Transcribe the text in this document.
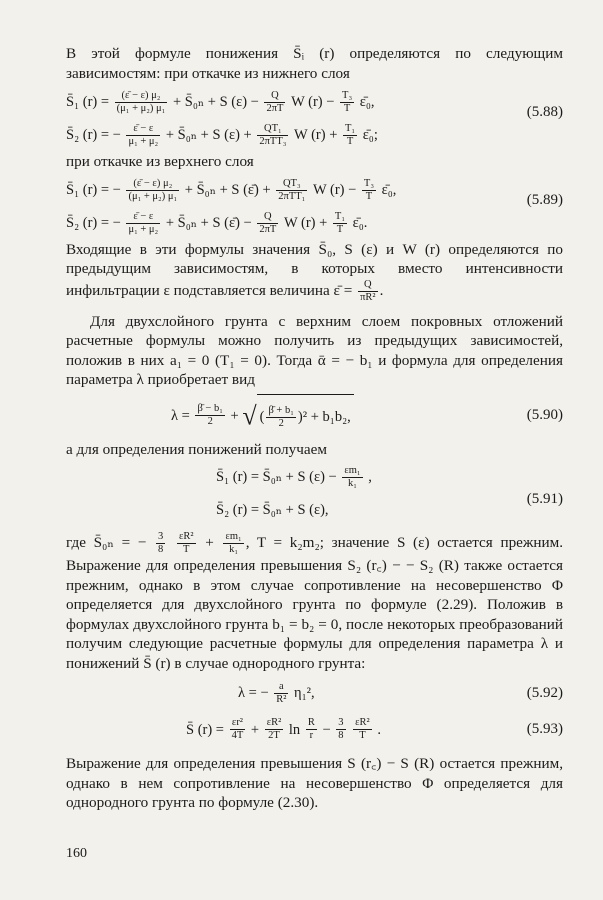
В этой формуле понижения S̄ᵢ (r) определяются по следующим зависимостям: при откачке из нижнего слоя

S̄₁ $(r) = \frac{\text{(ε̄ − ε) μ₂}}{\text{(μ₁ + μ₂) μ₁}}$ + S̄₀ₙ + S $(\varepsilon) - \frac{Q}{2\pi T}$ W $(r) - \frac{\text{T₃}}{T}$ ε̄₀,
(5.88)
S̄₂ (r) = − $\frac{\varepsilon̄ - \varepsilon}{\text{μ₁ + μ₂}}$ + S̄₀ₙ + S $(\varepsilon) + \frac{\text{QT₁}}{\text{2πTT₃}}$ W $(r) + \frac{\text{T₁}}{T}$ ε̄₀;

при откачке из верхнего слоя

S̄₁ (r) = − $\frac{\text{(ε̄ − ε) μ₂}}{\text{(μ₁ + μ₂) μ₁}}$ + S̄₀ₙ + S (ε̄) + $\frac{\text{QT₃}}{\text{2πTT₁}}$ W $(r) - \frac{\text{T₃}}{T}$ ε̄₀,
(5.89)
S̄₂ (r) = − $\frac{\varepsilon̄ - \varepsilon}{\text{μ₁ + μ₂}}$ + S̄₀ₙ + S (ε̄) − $\frac{Q}{2\pi T}$ W $(r) + \frac{\text{T₁}}{T}$ ε̄₀.

Входящие в эти формулы значения S̄₀, S (ε) и W (r) определяются по предыдущим зависимостям, в которых вместо интенсивности инфильтрации ε подставляется величина ε̄ = $\frac{Q}{\text{πR²}}$ .

Для двухслойного грунта с верхним слоем покровных отложений расчетные формулы можно получить из предыдущих зависимостей, положив в них a₁ = 0 (T₁ = 0). Тогда ᾱ = − b₁ и формула для определения параметра λ приобретает вид

$\lambda = \frac{\text{β̄ − b₁}}{2}$ + √ ( $\frac{\text{β̄ + b₁}}{2} )^2 + b_1b_2$,	(5.90)

а для определения понижений получаем

S̄₁ (r) = S̄₀ₙ + S $(\varepsilon) - \frac{\text{εm₁}}{\text{k₁}}$ ,
S̄₂ (r) = S̄₀ₙ + S (ε),
(5.91)

где S̄₀ₙ = − $\frac{3}{8}$
$\frac{\text{εR²}}{T} + \frac{\text{εm₁}}{\text{k₁}}$ , T = k₂m₂; значение S (ε) остается прежним. Выражение для определения превышения S₂ (r꜀) − − S₂ (R) также остается прежним, однако в этом случае сопротивление на несовершенство Φ определяется для двухслойного грунта по формуле (2.29). Положив в формулах двухслойного грунта b₁ = b₂ = 0, после некоторых преобразований получим следующие расчетные формулы для определения параметра λ и понижений S̄ (r) в случае однородного грунта:

λ = − $\frac{a}{\text{R²}} \eta_1^2$,	(5.92)
S̄ $(r) = \frac{\text{εr²}}{4T} + \frac{\text{εR²}}{2T}$ $\ln \frac{R}{r} - \frac{3}{8}$
$\frac{\text{εR²}}{T}$ .	(5.93)

Выражение для определения превышения S (r꜀) − S (R) остается прежним, однако в нем сопротивление на несовершенство Φ определяется для однородного грунта по формуле (2.30).

160
